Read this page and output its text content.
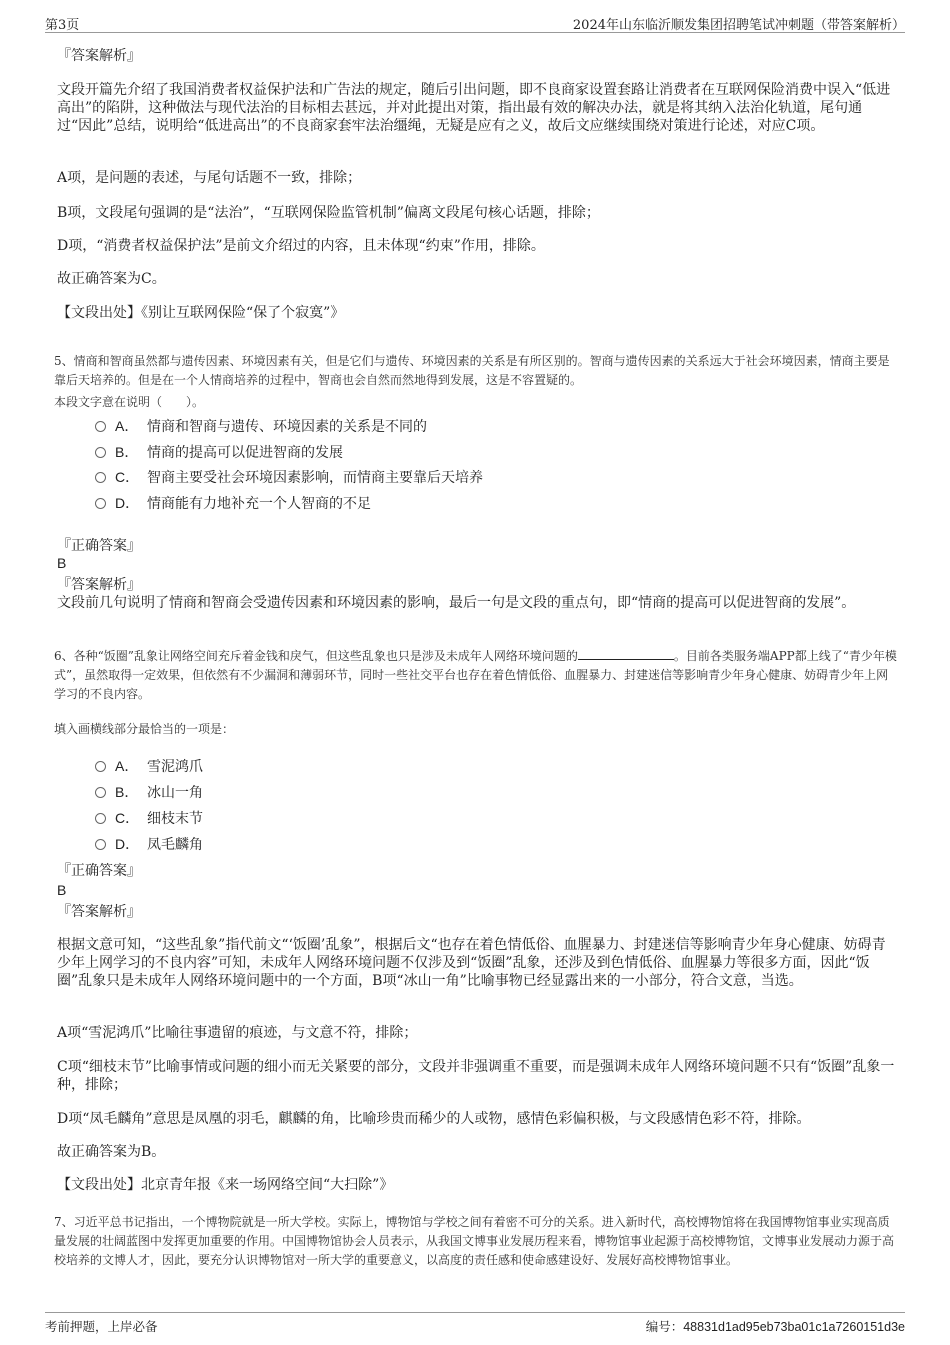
第3页	2024年山东临沂顺发集团招聘笔试冲刺题（带答案解析）

『答案解析』

文段开篇先介绍了我国消费者权益保护法和广告法的规定，随后引出问题，即不良商家设置套路让消费者在互联网保险消费中误入“低进高出”的陷阱，这种做法与现代法治的目标相去甚远，并对此提出对策，指出最有效的解决办法，就是将其纳入法治化轨道，尾句通过“因此”总结，说明给“低进高出”的不良商家套牢法治缰绳，无疑是应有之义，故后文应继续围绕对策进行论述，对应C项。

A项，是问题的表述，与尾句话题不一致，排除；

B项，文段尾句强调的是“法治”，“互联网保险监管机制”偏离文段尾句核心话题，排除；

D项，“消费者权益保护法”是前文介绍过的内容，且未体现“约束”作用，排除。

故正确答案为C。

【文段出处】《别让互联网保险“保了个寂寞”》

5、情商和智商虽然都与遗传因素、环境因素有关，但是它们与遗传、环境因素的关系是有所区别的。智商与遗传因素的关系远大于社会环境因素，情商主要是靠后天培养的。但是在一个人情商培养的过程中，智商也会自然而然地得到发展，这是不容置疑的。

本段文字意在说明（　　）。

A． 情商和智商与遗传、环境因素的关系是不同的
B． 情商的提高可以促进智商的发展
C． 智商主要受社会环境因素影响，而情商主要靠后天培养
D． 情商能有力地补充一个人智商的不足

『正确答案』

B

『答案解析』

文段前几句说明了情商和智商会受遗传因素和环境因素的影响，最后一句是文段的重点句，即“情商的提高可以促进智商的发展”。

6、各种“饭圈”乱象让网络空间充斥着金钱和戾气，但这些乱象也只是涉及未成年人网络环境问题的	。目前各类服务端APP都上线了“青少年模式”，虽然取得一定效果，但依然有不少漏洞和薄弱环节，同时一些社交平台也存在着色情低俗、血腥暴力、封建迷信等影响青少年身心健康、妨碍青少年上网学习的不良内容。

填入画横线部分最恰当的一项是：

A． 雪泥鸿爪
B． 冰山一角
C． 细枝末节
D． 凤毛麟角

『正确答案』

B

『答案解析』

根据文意可知，“这些乱象”指代前文“‘饭圈’乱象”，根据后文“也存在着色情低俗、血腥暴力、封建迷信等影响青少年身心健康、妨碍青少年上网学习的不良内容”可知，未成年人网络环境问题不仅涉及到“饭圈”乱象，还涉及到色情低俗、血腥暴力等很多方面，因此“饭圈”乱象只是未成年人网络环境问题中的一个方面，B项“冰山一角”比喻事物已经显露出来的一小部分，符合文意，当选。

A项“雪泥鸿爪”比喻往事遗留的痕迹，与文意不符，排除；

C项“细枝末节”比喻事情或问题的细小而无关紧要的部分，文段并非强调重不重要，而是强调未成年人网络环境问题不只有“饭圈”乱象一种，排除；

D项“凤毛麟角”意思是凤凰的羽毛，麒麟的角，比喻珍贵而稀少的人或物，感情色彩偏积极，与文段感情色彩不符，排除。

故正确答案为B。

【文段出处】北京青年报《来一场网络空间“大扫除”》

7、习近平总书记指出，一个博物院就是一所大学校。实际上，博物馆与学校之间有着密不可分的关系。进入新时代，高校博物馆将在我国博物馆事业实现高质量发展的壮阔蓝图中发挥更加重要的作用。中国博物馆协会人员表示，从我国文博事业发展历程来看，博物馆事业起源于高校博物馆，文博事业发展动力源于高校培养的文博人才，因此，要充分认识博物馆对一所大学的重要意义，以高度的责任感和使命感建设好、发展好高校博物馆事业。

考前押题，上岸必备	编号：48831d1ad95eb73ba01c1a7260151d3e
